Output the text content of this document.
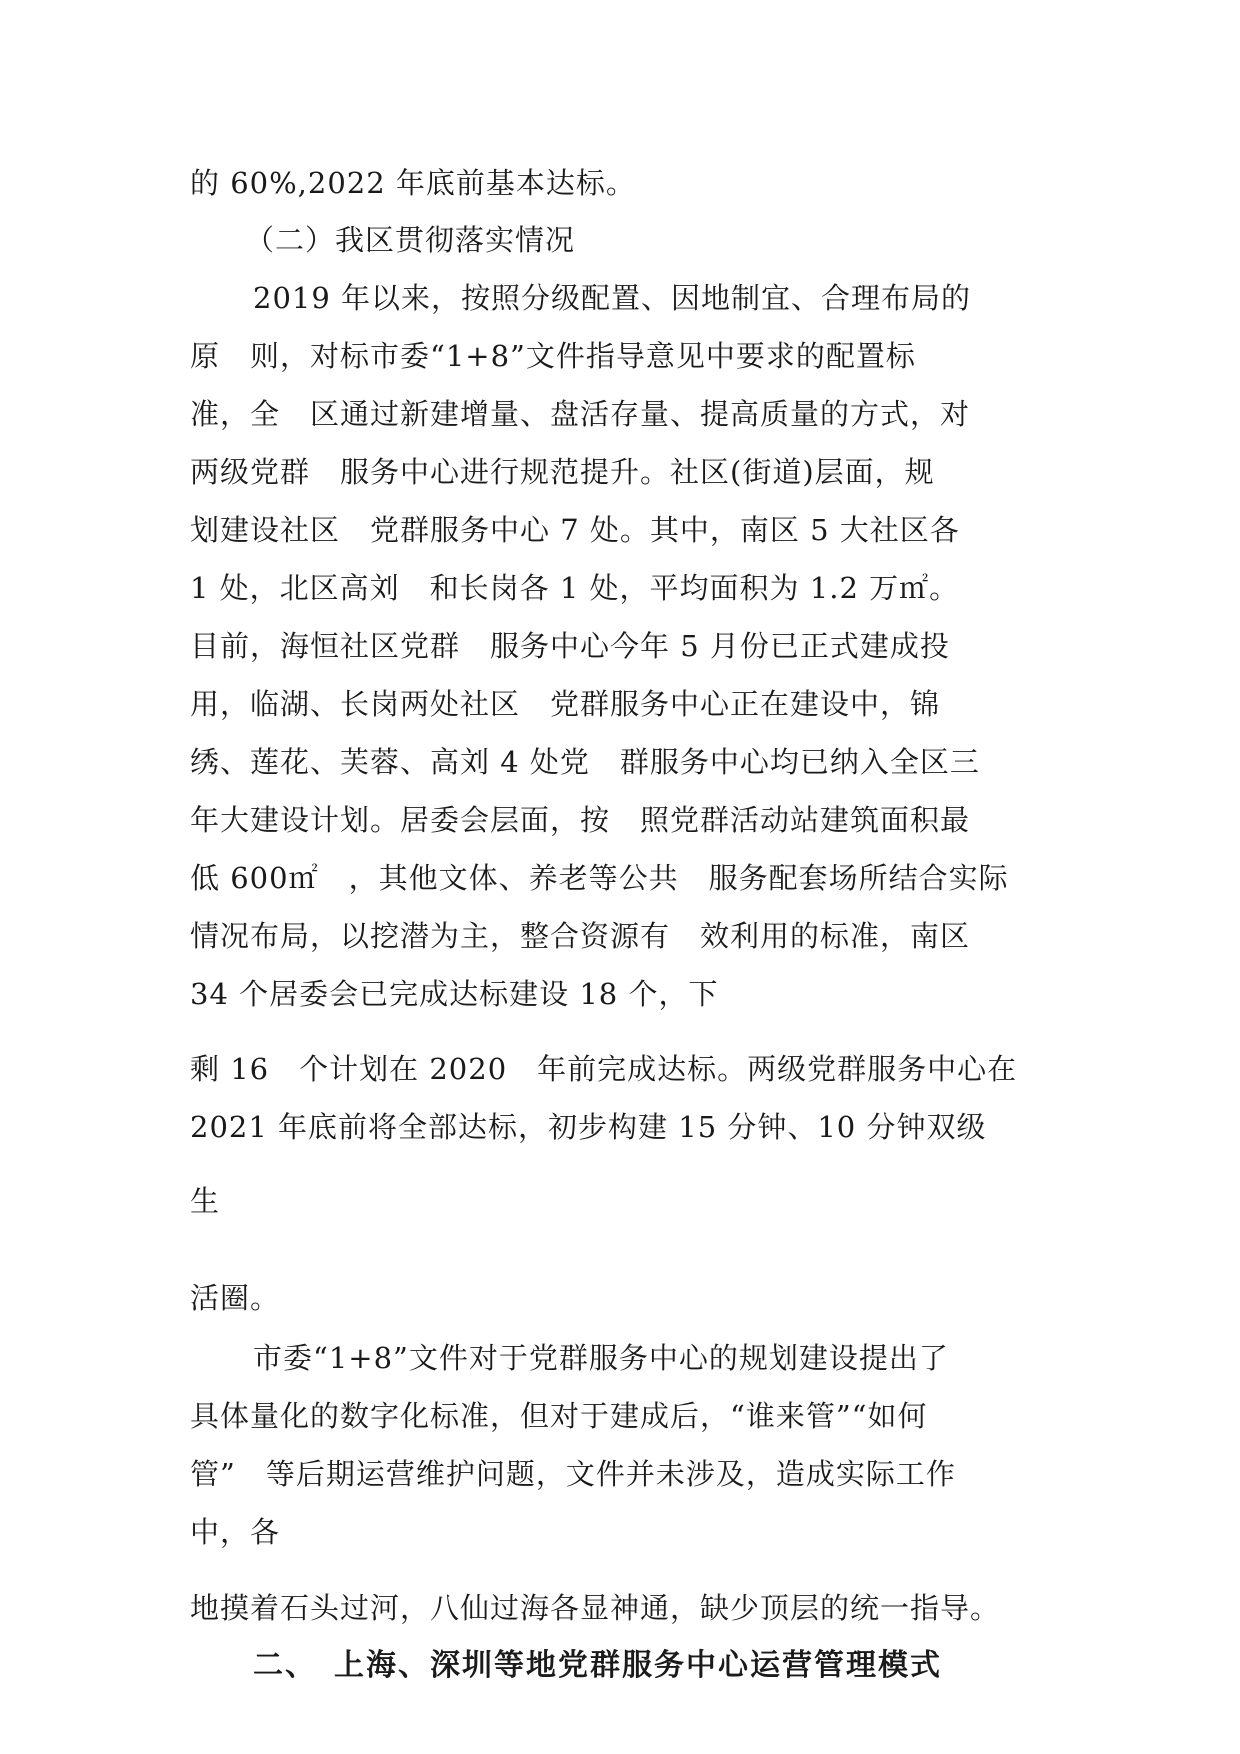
的 60%,2022 年底前基本达标。
（二）我区贯彻落实情况
2019 年以来，按照分级配置、因地制宜、合理布局的
原　则，对标市委“1+8”文件指导意见中要求的配置标
准，全　区通过新建增量、盘活存量、提高质量的方式，对
两级党群　服务中心进行规范提升。社区(街道)层面，规
划建设社区　党群服务中心 7 处。其中，南区 5 大社区各
1 处，北区高刘　和长岗各 1 处，平均面积为 1.2 万㎡。
目前，海恒社区党群　服务中心今年 5 月份已正式建成投
用，临湖、长岗两处社区　党群服务中心正在建设中，锦
绣、莲花、芙蓉、高刘 4 处党　群服务中心均已纳入全区三
年大建设计划。居委会层面，按　照党群活动站建筑面积最
低 600㎡　，其他文体、养老等公共　服务配套场所结合实际
情况布局，以挖潜为主，整合资源有　效利用的标准，南区
34 个居委会已完成达标建设 18 个，下
剩 16　个计划在 2020　年前完成达标。两级党群服务中心在
2021 年底前将全部达标，初步构建 15 分钟、10 分钟双级
生
活圈。
市委“1+8”文件对于党群服务中心的规划建设提出了
具体量化的数字化标准，但对于建成后，“谁来管”“如何
管”　等后期运营维护问题，文件并未涉及，造成实际工作
中，各
地摸着石头过河，八仙过海各显神通，缺少顶层的统一指导。
二、　上海、深圳等地党群服务中心运营管理模式
